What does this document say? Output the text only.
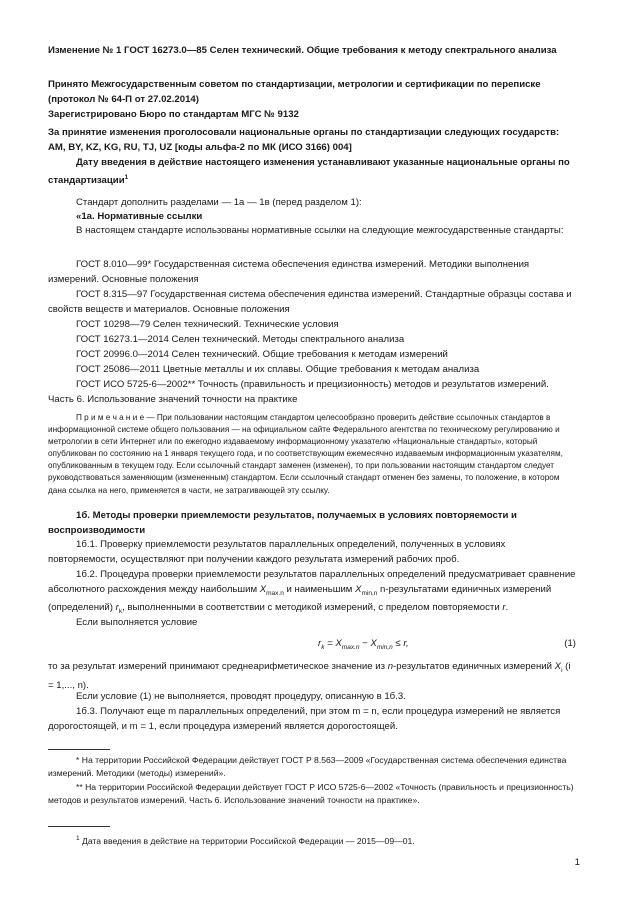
Изменение № 1 ГОСТ 16273.0—85 Селен технический. Общие требования к методу спектрального анализа
Принято Межгосударственным советом по стандартизации, метрологии и сертификации по переписке (протокол № 64-П от 27.02.2014)
Зарегистрировано Бюро по стандартам МГС № 9132
За принятие изменения проголосовали национальные органы по стандартизации следующих государств: AM, BY, KZ, KG, RU, TJ, UZ [коды альфа-2 по МК (ИСО 3166) 004]
Дату введения в действие настоящего изменения устанавливают указанные национальные органы по стандартизации$^1$
Стандарт дополнить разделами — 1а — 1в (перед разделом 1):
«1а. Нормативные ссылки
В настоящем стандарте использованы нормативные ссылки на следующие межгосударственные стандарты:
ГОСТ 8.010—99* Государственная система обеспечения единства измерений. Методики выполнения измерений. Основные положения
ГОСТ 8.315—97 Государственная система обеспечения единства измерений. Стандартные образцы состава и свойств веществ и материалов. Основные положения
ГОСТ 10298—79 Селен технический. Технические условия
ГОСТ 16273.1—2014 Селен технический. Методы спектрального анализа
ГОСТ 20996.0—2014 Селен технический. Общие требования к методам измерений
ГОСТ 25086—2011 Цветные металлы и их сплавы. Общие требования к методам анализа
ГОСТ ИСО 5725-6—2002** Точность (правильность и прецизионность) методов и результатов измерений. Часть 6. Использование значений точности на практике
П р и м е ч а н и е — При пользовании настоящим стандартом целесообразно проверить действие ссылочных стандартов в информационной системе общего пользования — на официальном сайте Федерального агентства по техническому регулированию и метрологии в сети Интернет или по ежегодно издаваемому информационному указателю «Национальные стандарты», который опубликован по состоянию на 1 января текущего года, и по соответствующим ежемесячно издаваемым информационным указателям, опубликованным в текущем году. Если ссылочный стандарт заменен (изменен), то при пользовании настоящим стандартом следует руководствоваться заменяющим (измененным) стандартом. Если ссылочный стандарт отменен без замены, то положение, в котором дана ссылка на него, применяется в части, не затрагивающей эту ссылку.
1б. Методы проверки приемлемости результатов, получаемых в условиях повторяемости и воспроизводимости
1б.1. Проверку приемлемости результатов параллельных определений, полученных в условиях повторяемости, осуществляют при получении каждого результата измерений рабочих проб.
1б.2. Процедура проверки приемлемости результатов параллельных определений предусматривает сравнение абсолютного расхождения между наибольшим $X_{max.n}$ и наименьшим $X_{min,n}$ n-результатами единичных измерений (определений) $r_k$, выполненными в соответствии с методикой измерений, с пределом повторяемости r.
Если выполняется условие
$r_k = X_{max.n} - X_{min,n} \le r$,	(1)
то за результат измерений принимают среднеарифметическое значение из n-результатов единичных измерений $X_i$ (i = 1,..., n).
Если условие (1) не выполняется, проводят процедуру, описанную в 1б.3.
1б.3. Получают еще m параллельных определений, при этом m = n, если процедура измерений не является дорогостоящей, и m = 1, если процедура измерений является дорогостоящей.
* На территории Российской Федерации действует ГОСТ Р 8.563—2009 «Государственная система обеспечения единства измерений. Методики (методы) измерений».
** На территории Российской Федерации действует ГОСТ Р ИСО 5725-6—2002 «Точность (правильность и прецизионность) методов и результатов измерений. Часть 6. Использование значений точности на практике».
$^1$ Дата введения в действие на территории Российской Федерации — 2015—09—01.
1
